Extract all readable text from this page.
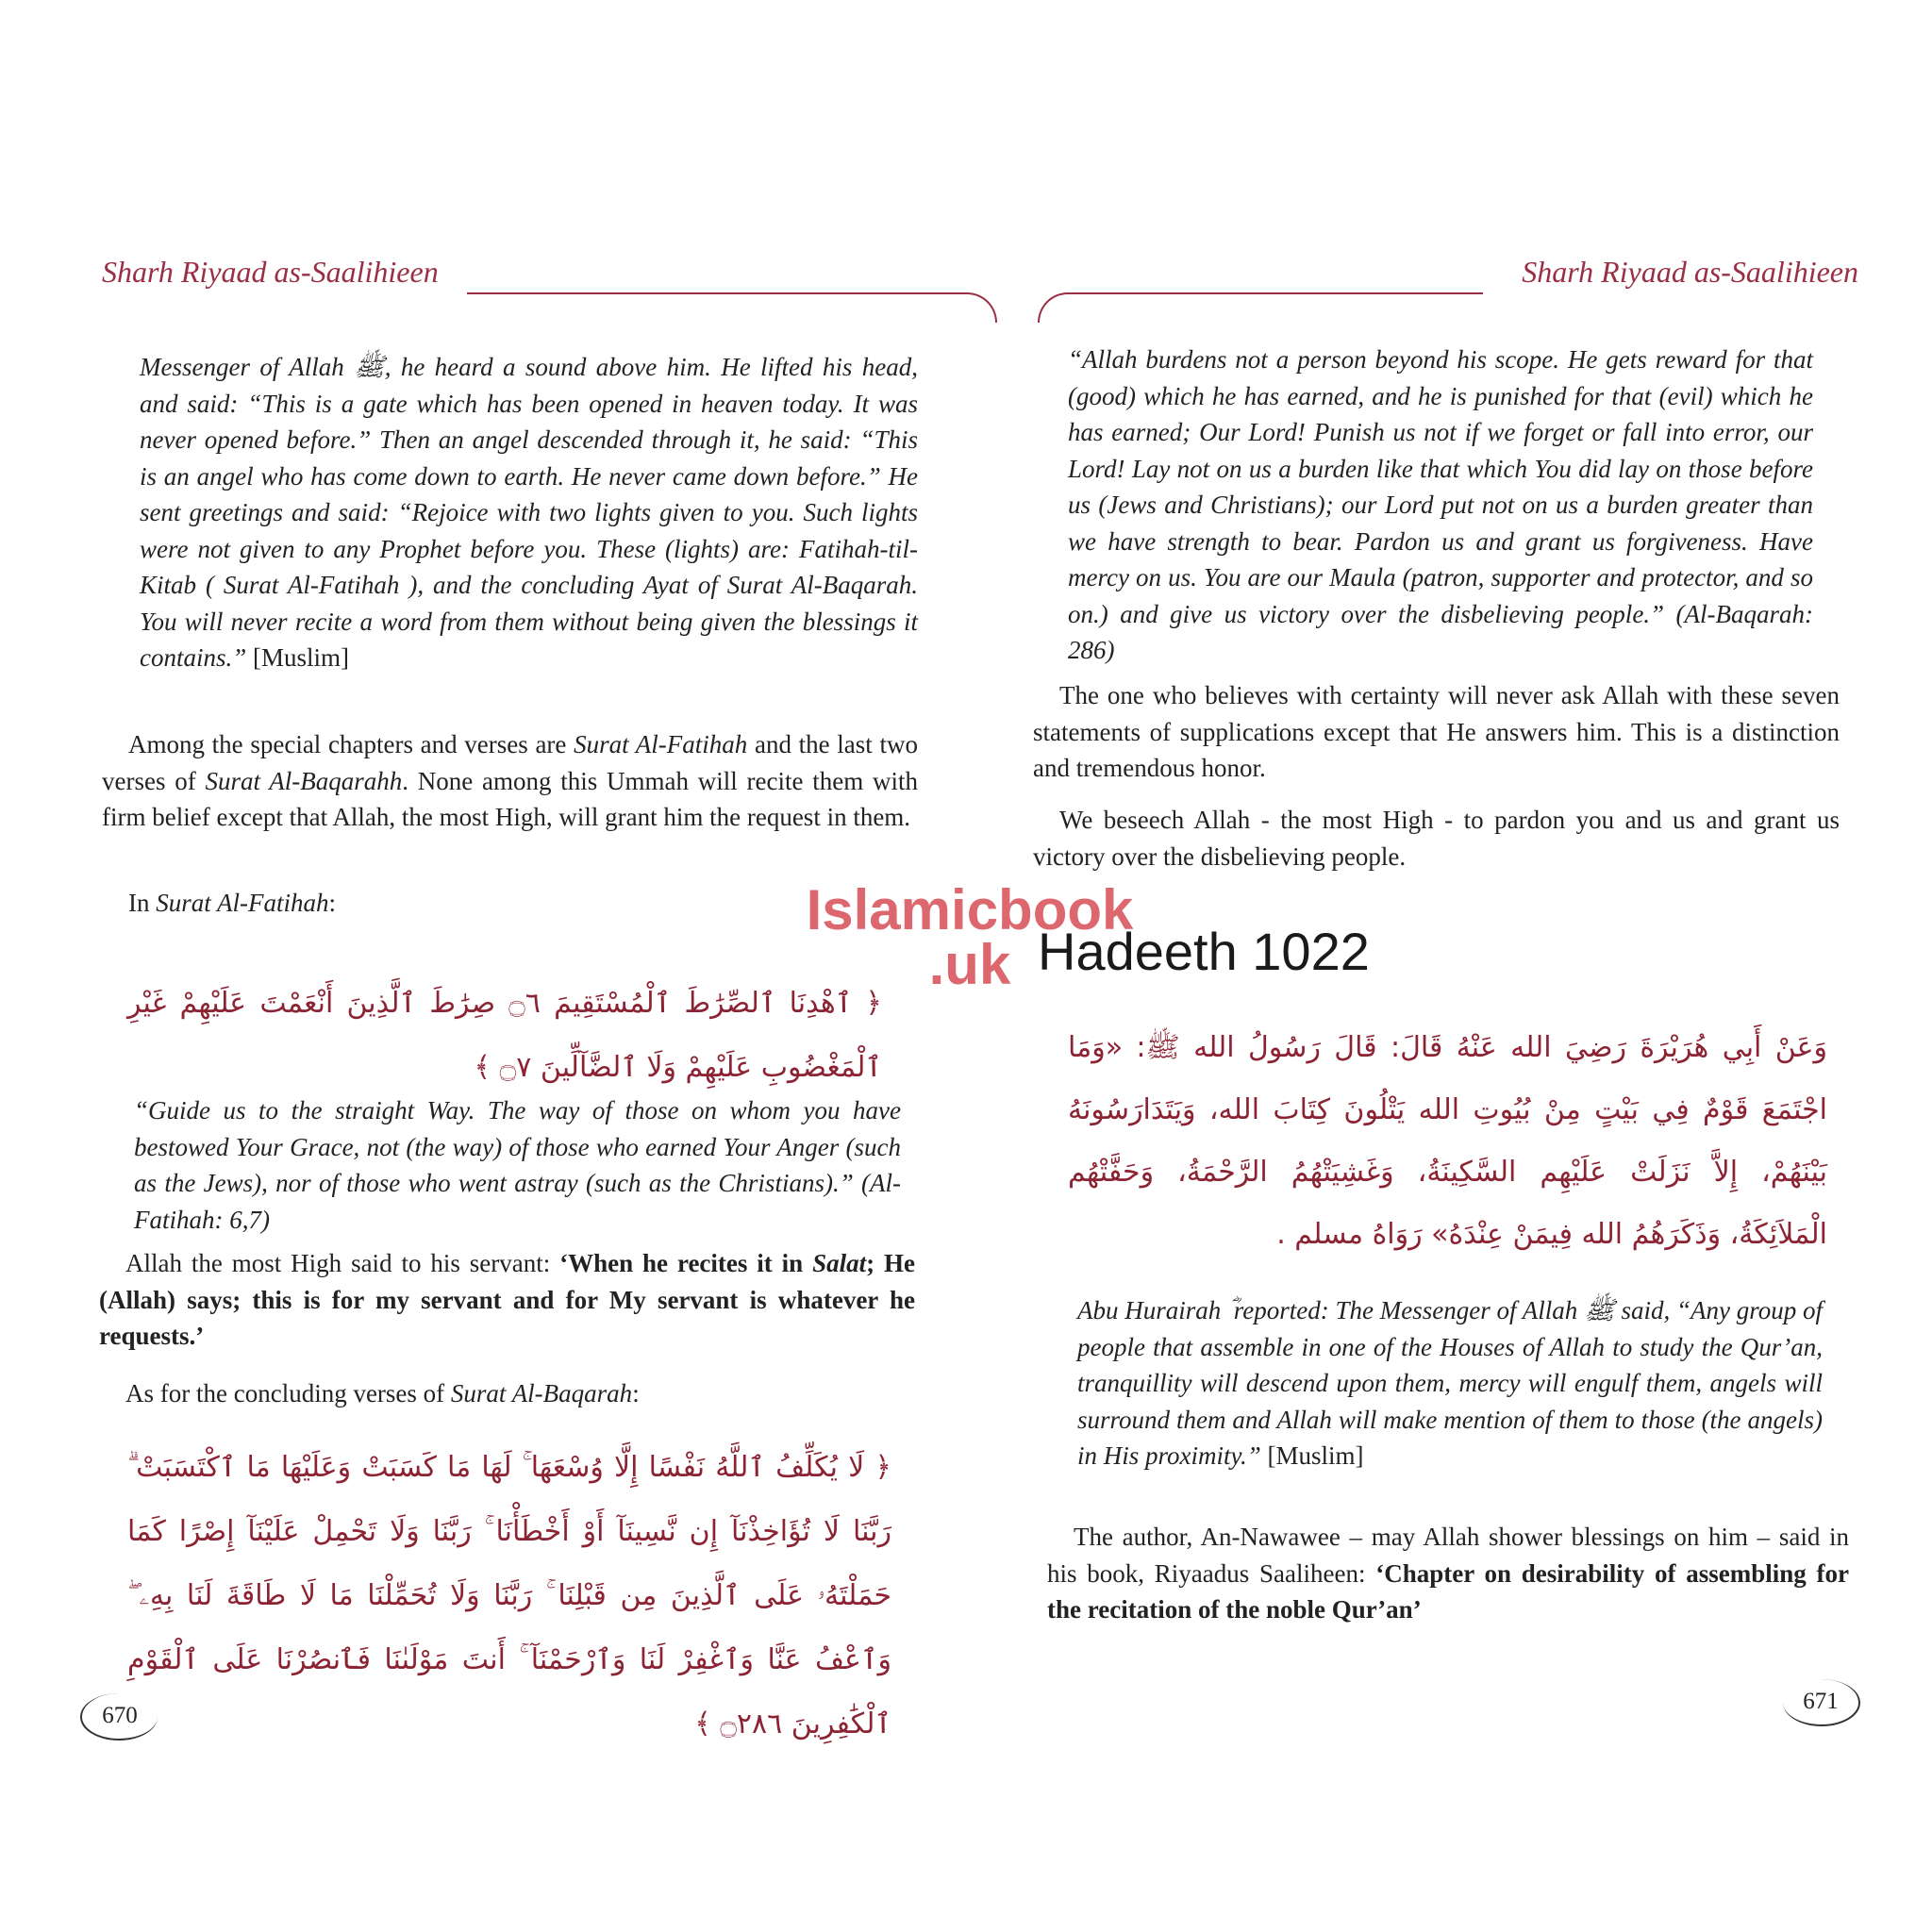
Sharh Riyaad as-Saalihieen
Messenger of Allah ﷺ, he heard a sound above him. He lifted his head, and said: “This is a gate which has been opened in heaven today. It was never opened before.” Then an angel descended through it, he said: “This is an angel who has come down to earth. He never came down before.” He sent greetings and said: “Rejoice with two lights given to you. Such lights were not given to any Prophet before you. These (lights) are: Fatihah-til-Kitab ( Surat Al-Fatihah ), and the concluding Ayat of Surat Al-Baqarah. You will never recite a word from them without being given the blessings it contains.” [Muslim]
Among the special chapters and verses are Surat Al-Fatihah and the last two verses of Surat Al-Baqarahh. None among this Ummah will recite them with firm belief except that Allah, the most High, will grant him the request in them.
In Surat Al-Fatihah:
﴿ ٱهْدِنَا ٱلصِّرَٰطَ ٱلْمُسْتَقِيمَ ۝٦ صِرَٰطَ ٱلَّذِينَ أَنْعَمْتَ عَلَيْهِمْ غَيْرِ ٱلْمَغْضُوبِ عَلَيْهِمْ وَلَا ٱلضَّآلِّينَ ۝٧ ﴾
“Guide us to the straight Way. The way of those on whom you have bestowed Your Grace, not (the way) of those who earned Your Anger (such as the Jews), nor of those who went astray (such as the Christians).” (Al-Fatihah: 6,7)
Allah the most High said to his servant: ‘When he recites it in Salat; He (Allah) says; this is for my servant and for My servant is whatever he requests.’
As for the concluding verses of Surat Al-Baqarah:
﴿ لَا يُكَلِّفُ ٱللَّهُ نَفْسًا إِلَّا وُسْعَهَا ۚ لَهَا مَا كَسَبَتْ وَعَلَيْهَا مَا ٱكْتَسَبَتْ ۗ رَبَّنَا لَا تُؤَاخِذْنَآ إِن نَّسِينَآ أَوْ أَخْطَأْنَا ۚ رَبَّنَا وَلَا تَحْمِلْ عَلَيْنَآ إِصْرًا كَمَا حَمَلْتَهُۥ عَلَى ٱلَّذِينَ مِن قَبْلِنَا ۚ رَبَّنَا وَلَا تُحَمِّلْنَا مَا لَا طَاقَةَ لَنَا بِهِۦ ۖ وَٱعْفُ عَنَّا وَٱغْفِرْ لَنَا وَٱرْحَمْنَآ ۚ أَنتَ مَوْلَىٰنَا فَٱنصُرْنَا عَلَى ٱلْقَوْمِ ٱلْكَٰفِرِينَ ۝٢٨٦ ﴾
670
Sharh Riyaad as-Saalihieen
“Allah burdens not a person beyond his scope. He gets reward for that (good) which he has earned, and he is punished for that (evil) which he has earned; Our Lord! Punish us not if we forget or fall into error, our Lord! Lay not on us a burden like that which You did lay on those before us (Jews and Christians); our Lord put not on us a burden greater than we have strength to bear. Pardon us and grant us forgiveness. Have mercy on us. You are our Maula (patron, supporter and protector, and so on.) and give us victory over the disbelieving people.” (Al-Baqarah: 286)
The one who believes with certainty will never ask Allah with these seven statements of supplications except that He answers him. This is a distinction and tremendous honor.
We beseech Allah - the most High - to pardon you and us and grant us victory over the disbelieving people.
وَعَنْ أَبِي هُرَيْرَةَ رَضِيَ الله عَنْهُ قَالَ: قَالَ رَسُولُ الله ﷺ: «وَمَا اجْتَمَعَ قَوْمٌ فِي بَيْتٍ مِنْ بُيُوتِ الله يَتْلُونَ كِتَابَ الله، وَيَتَدَارَسُونَهُ بَيْنَهُمْ، إِلاَّ نَزَلَتْ عَلَيْهِم السَّكِينَةُ، وَغَشِيَتْهُمُ الرَّحْمَةُ، وَحَفَّتْهُم الْمَلاَئِكَةُ، وَذَكَرَهُمُ الله فِيمَنْ عِنْدَهُ» رَوَاهُ مسلم .
Abu Hurairah ؓ reported: The Messenger of Allah ﷺ said, “Any group of people that assemble in one of the Houses of Allah to study the Qur’an, tranquillity will descend upon them, mercy will engulf them, angels will surround them and Allah will make mention of them to those (the angels) in His proximity.” [Muslim]
The author, An-Nawawee – may Allah shower blessings on him – said in his book, Riyaadus Saaliheen: ‘Chapter on desirability of assembling for the recitation of the noble Qur’an’
671
Hadeeth 1022
Islamicbook
.uk
